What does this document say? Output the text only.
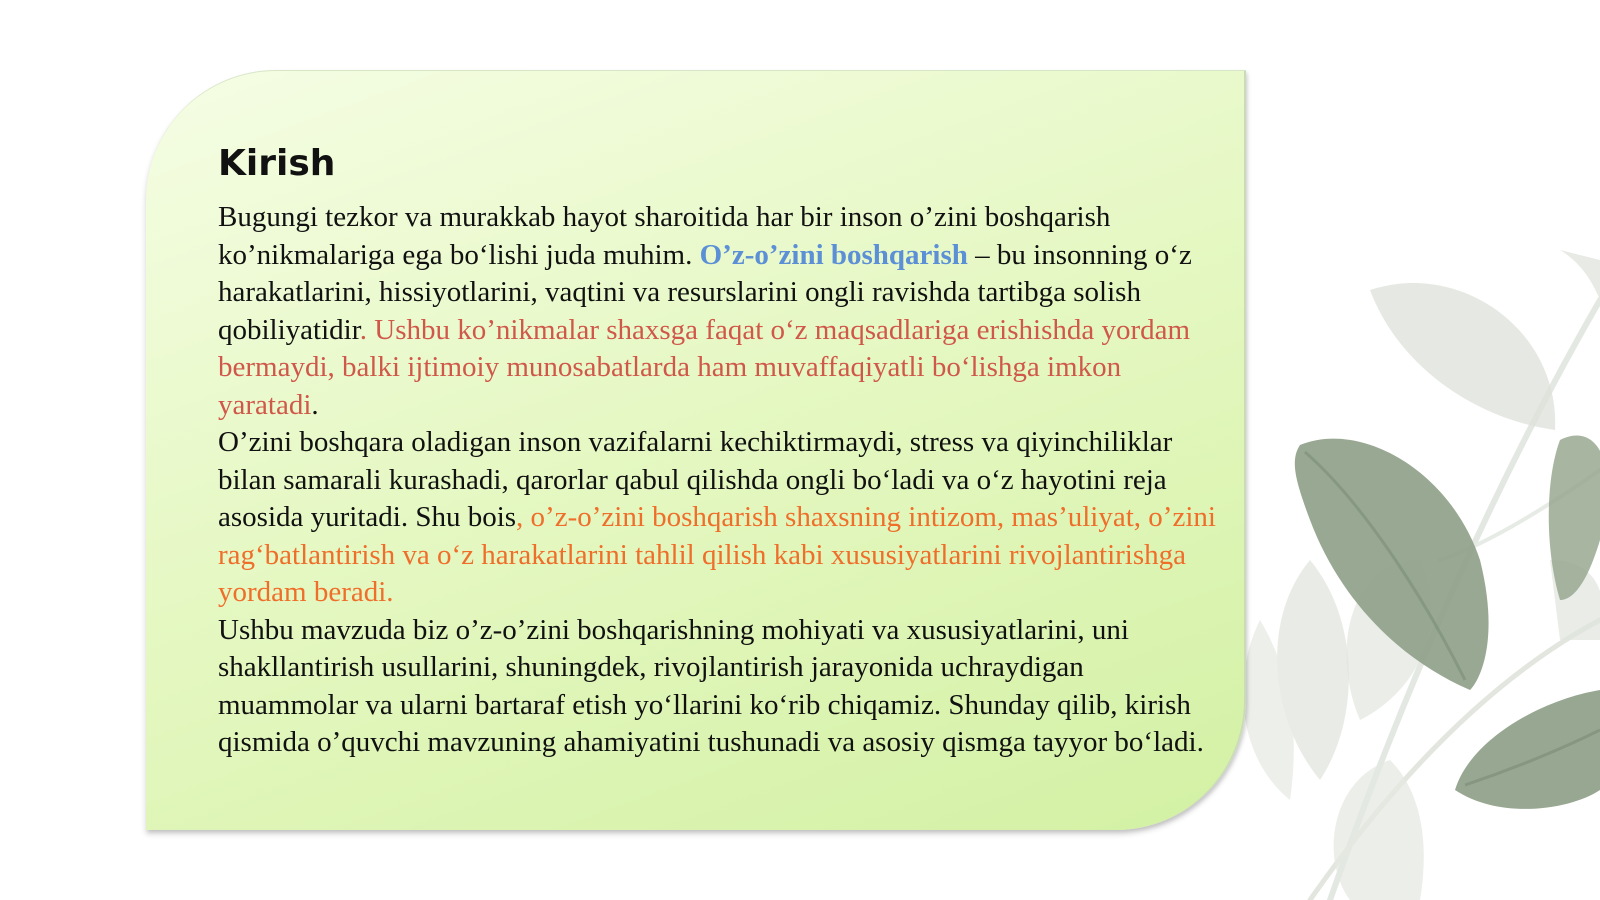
Kirish

Bugungi tezkor va murakkab hayot sharoitida har bir inson o’zini boshqarish ko’nikmalariga ega bo‘lishi juda muhim. O’z-o’zini boshqarish – bu insonning o‘z harakatlarini, hissiyotlarini, vaqtini va resurslarini ongli ravishda tartibga solish qobiliyatidir. Ushbu ko’nikmalar shaxsga faqat o‘z maqsadlariga erishishda yordam bermaydi, balki ijtimoiy munosabatlarda ham muvaffaqiyatli bo‘lishga imkon yaratadi.

O’zini boshqara oladigan inson vazifalarni kechiktirmaydi, stress va qiyinchiliklar bilan samarali kurashadi, qarorlar qabul qilishda ongli bo‘ladi va o‘z hayotini reja asosida yuritadi. Shu bois, o’z-o’zini boshqarish shaxsning intizom, mas’uliyat, o’zini rag‘batlantirish va o‘z harakatlarini tahlil qilish kabi xususiyatlarini rivojlantirishga yordam beradi.

Ushbu mavzuda biz o’z-o’zini boshqarishning mohiyati va xususiyatlarini, uni shakllantirish usullarini, shuningdek, rivojlantirish jarayonida uchraydigan muammolar va ularni bartaraf etish yo‘llarini ko‘rib chiqamiz. Shunday qilib, kirish qismida o’quvchi mavzuning ahamiyatini tushunadi va asosiy qismga tayyor bo‘ladi.
